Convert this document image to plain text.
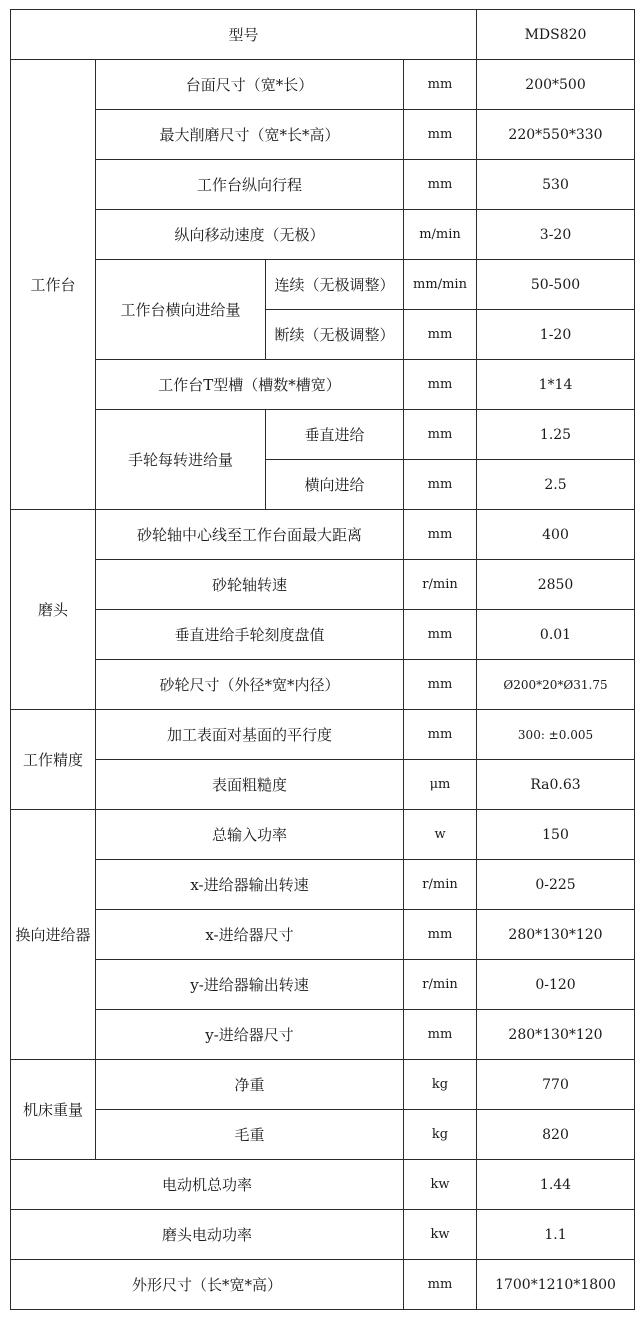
型号				MDS820
工作台	台面尺寸（宽*长）		mm	200*500
	最大削磨尺寸（宽*长*高）		mm	220*550*330
	工作台纵向行程		mm	530
	纵向移动速度（无极）		m/min	3-20
	工作台横向进给量	连续（无极调整）	mm/min	50-500
		断续（无极调整）	mm	1-20
	工作台T型槽（槽数*槽宽）		mm	1*14
	手轮每转进给量	垂直进给	mm	1.25
		横向进给	mm	2.5
磨头	砂轮轴中心线至工作台面最大距离		mm	400
	砂轮轴转速		r/min	2850
	垂直进给手轮刻度盘值		mm	0.01
	砂轮尺寸（外径*宽*内径）		mm	Ø200*20*Ø31.75
工作精度	加工表面对基面的平行度		mm	300: ±0.005
	表面粗糙度		μm	Ra0.63
换向进给器	总输入功率		w	150
	x-进给器输出转速		r/min	0-225
	x-进给器尺寸		mm	280*130*120
	y-进给器输出转速		r/min	0-120
	y-进给器尺寸		mm	280*130*120
机床重量	净重		kg	770
	毛重		kg	820
电动机总功率			kw	1.44
磨头电动功率			kw	1.1
外形尺寸（长*宽*高）			mm	1700*1210*1800
